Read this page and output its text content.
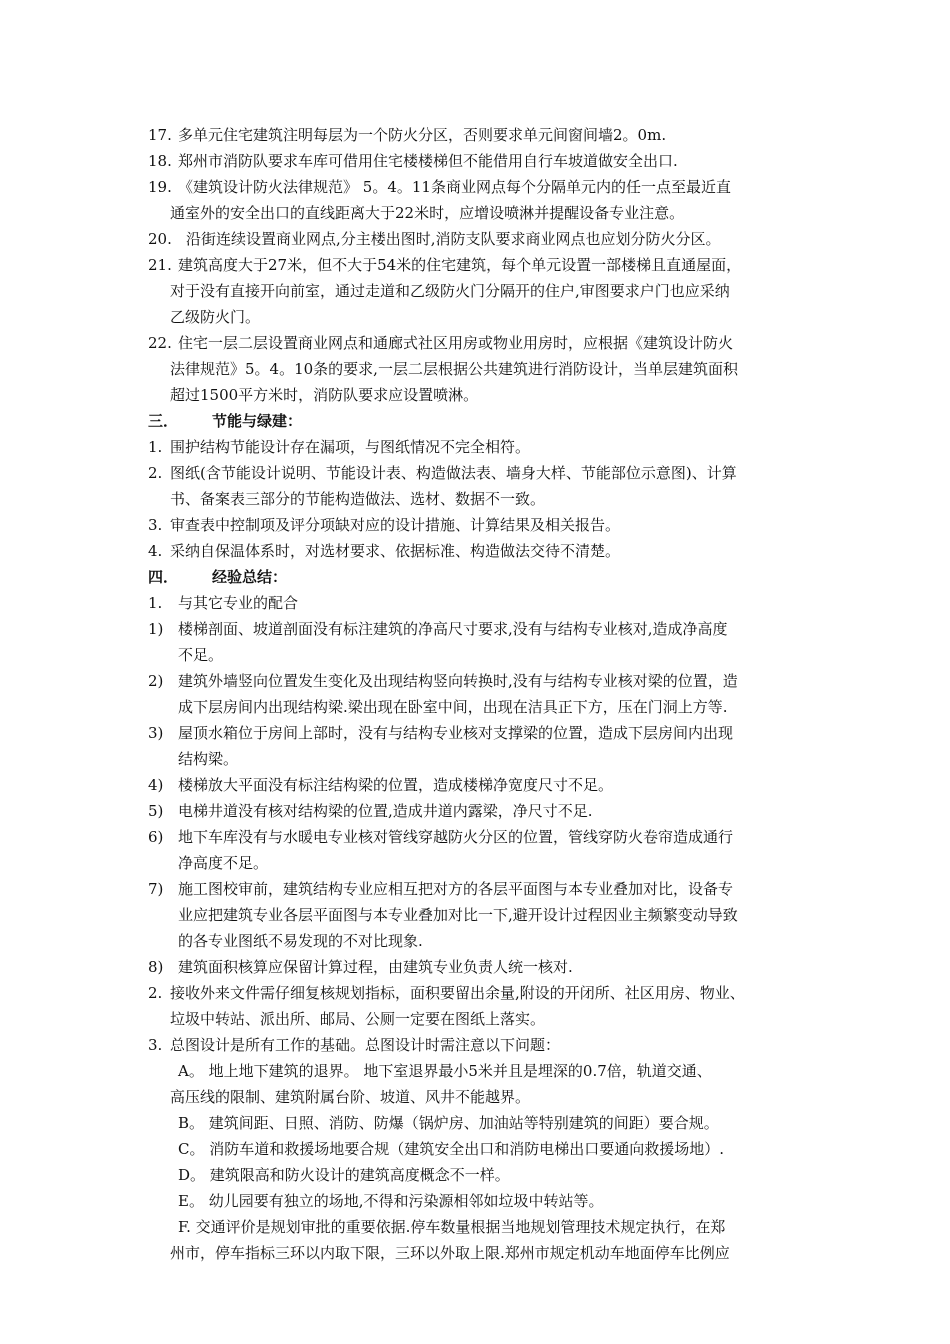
17. 多单元住宅建筑注明每层为一个防火分区，否则要求单元间窗间墙2。0m.
18. 郑州市消防队要求车库可借用住宅楼楼梯但不能借用自行车坡道做安全出口.
19. 《建筑设计防火法律规范》 5。4。11条商业网点每个分隔单元内的任一点至最近直
通室外的安全出口的直线距离大于22米时，应增设喷淋并提醒设备专业注意。
20. 沿街连续设置商业网点,分主楼出图时,消防支队要求商业网点也应划分防火分区。
21. 建筑高度大于27米，但不大于54米的住宅建筑，每个单元设置一部楼梯且直通屋面，
对于没有直接开向前室，通过走道和乙级防火门分隔开的住户,审图要求户门也应采纳
乙级防火门。
22. 住宅一层二层设置商业网点和通廊式社区用房或物业用房时，应根据《建筑设计防火
法律规范》5。4。10条的要求,一层二层根据公共建筑进行消防设计，当单层建筑面积
超过1500平方米时，消防队要求应设置喷淋。
三． 节能与绿建：
1. 围护结构节能设计存在漏项，与图纸情况不完全相符。
2. 图纸(含节能设计说明、节能设计表、构造做法表、墙身大样、节能部位示意图)、计算
书、备案表三部分的节能构造做法、选材、数据不一致。
3. 审查表中控制项及评分项缺对应的设计措施、计算结果及相关报告。
4. 采纳自保温体系时，对选材要求、依据标准、构造做法交待不清楚。
四． 经验总结：
1. 与其它专业的配合
1) 楼梯剖面、坡道剖面没有标注建筑的净高尺寸要求,没有与结构专业核对,造成净高度
不足。
2) 建筑外墙竖向位置发生变化及出现结构竖向转换时,没有与结构专业核对梁的位置，造
成下层房间内出现结构梁.梁出现在卧室中间，出现在洁具正下方，压在门洞上方等.
3) 屋顶水箱位于房间上部时，没有与结构专业核对支撑梁的位置，造成下层房间内出现
结构梁。
4) 楼梯放大平面没有标注结构梁的位置，造成楼梯净宽度尺寸不足。
5) 电梯井道没有核对结构梁的位置,造成井道内露梁，净尺寸不足.
6) 地下车库没有与水暖电专业核对管线穿越防火分区的位置，管线穿防火卷帘造成通行
净高度不足。
7) 施工图校审前，建筑结构专业应相互把对方的各层平面图与本专业叠加对比，设备专
业应把建筑专业各层平面图与本专业叠加对比一下,避开设计过程因业主频繁变动导致
的各专业图纸不易发现的不对比现象.
8) 建筑面积核算应保留计算过程，由建筑专业负责人统一核对.
2. 接收外来文件需仔细复核规划指标，面积要留出余量,附设的开闭所、社区用房、物业、
垃圾中转站、派出所、邮局、公厕一定要在图纸上落实。
3. 总图设计是所有工作的基础。总图设计时需注意以下问题：
A。 地上地下建筑的退界。 地下室退界最小5米并且是埋深的0.7倍，轨道交通、
高压线的限制、建筑附属台阶、坡道、风井不能越界。
B。 建筑间距、日照、消防、防爆（锅炉房、加油站等特别建筑的间距）要合规。
C。 消防车道和救援场地要合规（建筑安全出口和消防电梯出口要通向救援场地）.
D。 建筑限高和防火设计的建筑高度概念不一样。
E。 幼儿园要有独立的场地,不得和污染源相邻如垃圾中转站等。
F. 交通评价是规划审批的重要依据.停车数量根据当地规划管理技术规定执行，在郑
州市，停车指标三环以内取下限，三环以外取上限.郑州市规定机动车地面停车比例应
